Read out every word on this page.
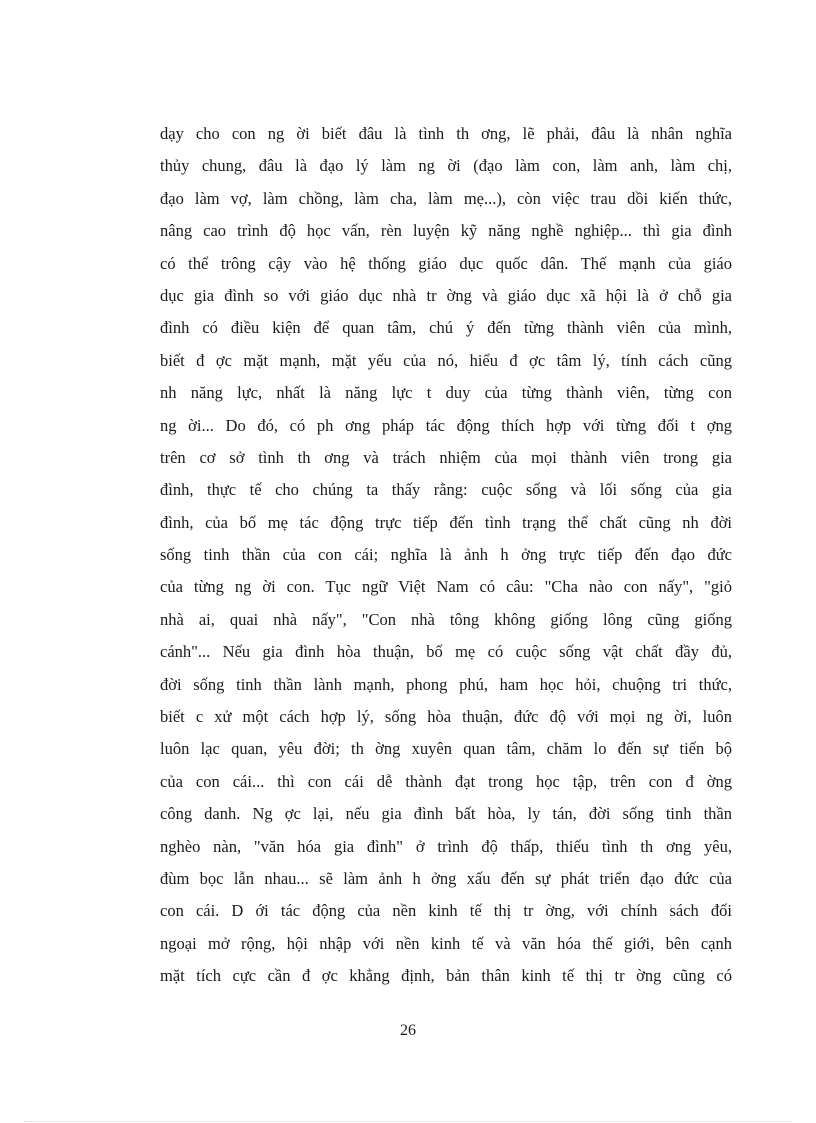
dạy cho con ng ời biết đâu là tình th ơng, lẽ phải, đâu là nhân nghĩa
thủy chung, đâu là đạo lý làm ng ời (đạo làm con, làm anh, làm chị,
đạo làm vợ, làm chồng, làm cha, làm mẹ...), còn việc trau dồi kiến thức,
nâng cao trình độ học vấn, rèn luyện kỹ năng nghề nghiệp... thì gia đình
có thể trông cậy vào hệ thống giáo dục quốc dân. Thế mạnh của giáo
dục gia đình so với giáo dục nhà tr ờng và giáo dục xã hội là ở chỗ gia
đình có điều kiện để quan tâm, chú ý đến từng thành viên của mình,
biết đ ợc mặt mạnh, mặt yếu của nó, hiểu đ ợc tâm lý, tính cách cũng
nh năng lực, nhất là năng lực t duy của từng thành viên, từng con
ng ời... Do đó, có ph ơng pháp tác động thích hợp với từng đối t ợng
trên cơ sở tình th ơng và trách nhiệm của mọi thành viên trong gia
đình, thực tế cho chúng ta thấy rằng: cuộc sống và lối sống của gia
đình, của bố mẹ tác động trực tiếp đến tình trạng thể chất cũng nh đời
sống tinh thần của con cái; nghĩa là ảnh h ởng trực tiếp đến đạo đức
của từng ng ời con. Tục ngữ Việt Nam có câu: "Cha nào con nấy", "giỏ
nhà ai, quai nhà nấy", "Con nhà tông không giống lông cũng giống
cánh"... Nếu gia đình hòa thuận, bố mẹ có cuộc sống vật chất đầy đủ,
đời sống tinh thần lành mạnh, phong phú, ham học hỏi, chuộng tri thức,
biết c xử một cách hợp lý, sống hòa thuận, đức độ với mọi ng ời, luôn
luôn lạc quan, yêu đời; th ờng xuyên quan tâm, chăm lo đến sự tiến bộ
của con cái... thì con cái dễ thành đạt trong học tập, trên con đ ờng
công danh. Ng ợc lại, nếu gia đình bất hòa, ly tán, đời sống tinh thần
nghèo nàn, "văn hóa gia đình" ở trình độ thấp, thiếu tình th ơng yêu,
đùm bọc lẫn nhau... sẽ làm ảnh h ởng xấu đến sự phát triển đạo đức của
con cái. D ới tác động của nền kinh tế thị tr ờng, với chính sách đối
ngoại mở rộng, hội nhập với nền kinh tế và văn hóa thế giới, bên cạnh
mặt tích cực cần đ ợc khẳng định, bản thân kinh tế thị tr ờng cũng có
26
